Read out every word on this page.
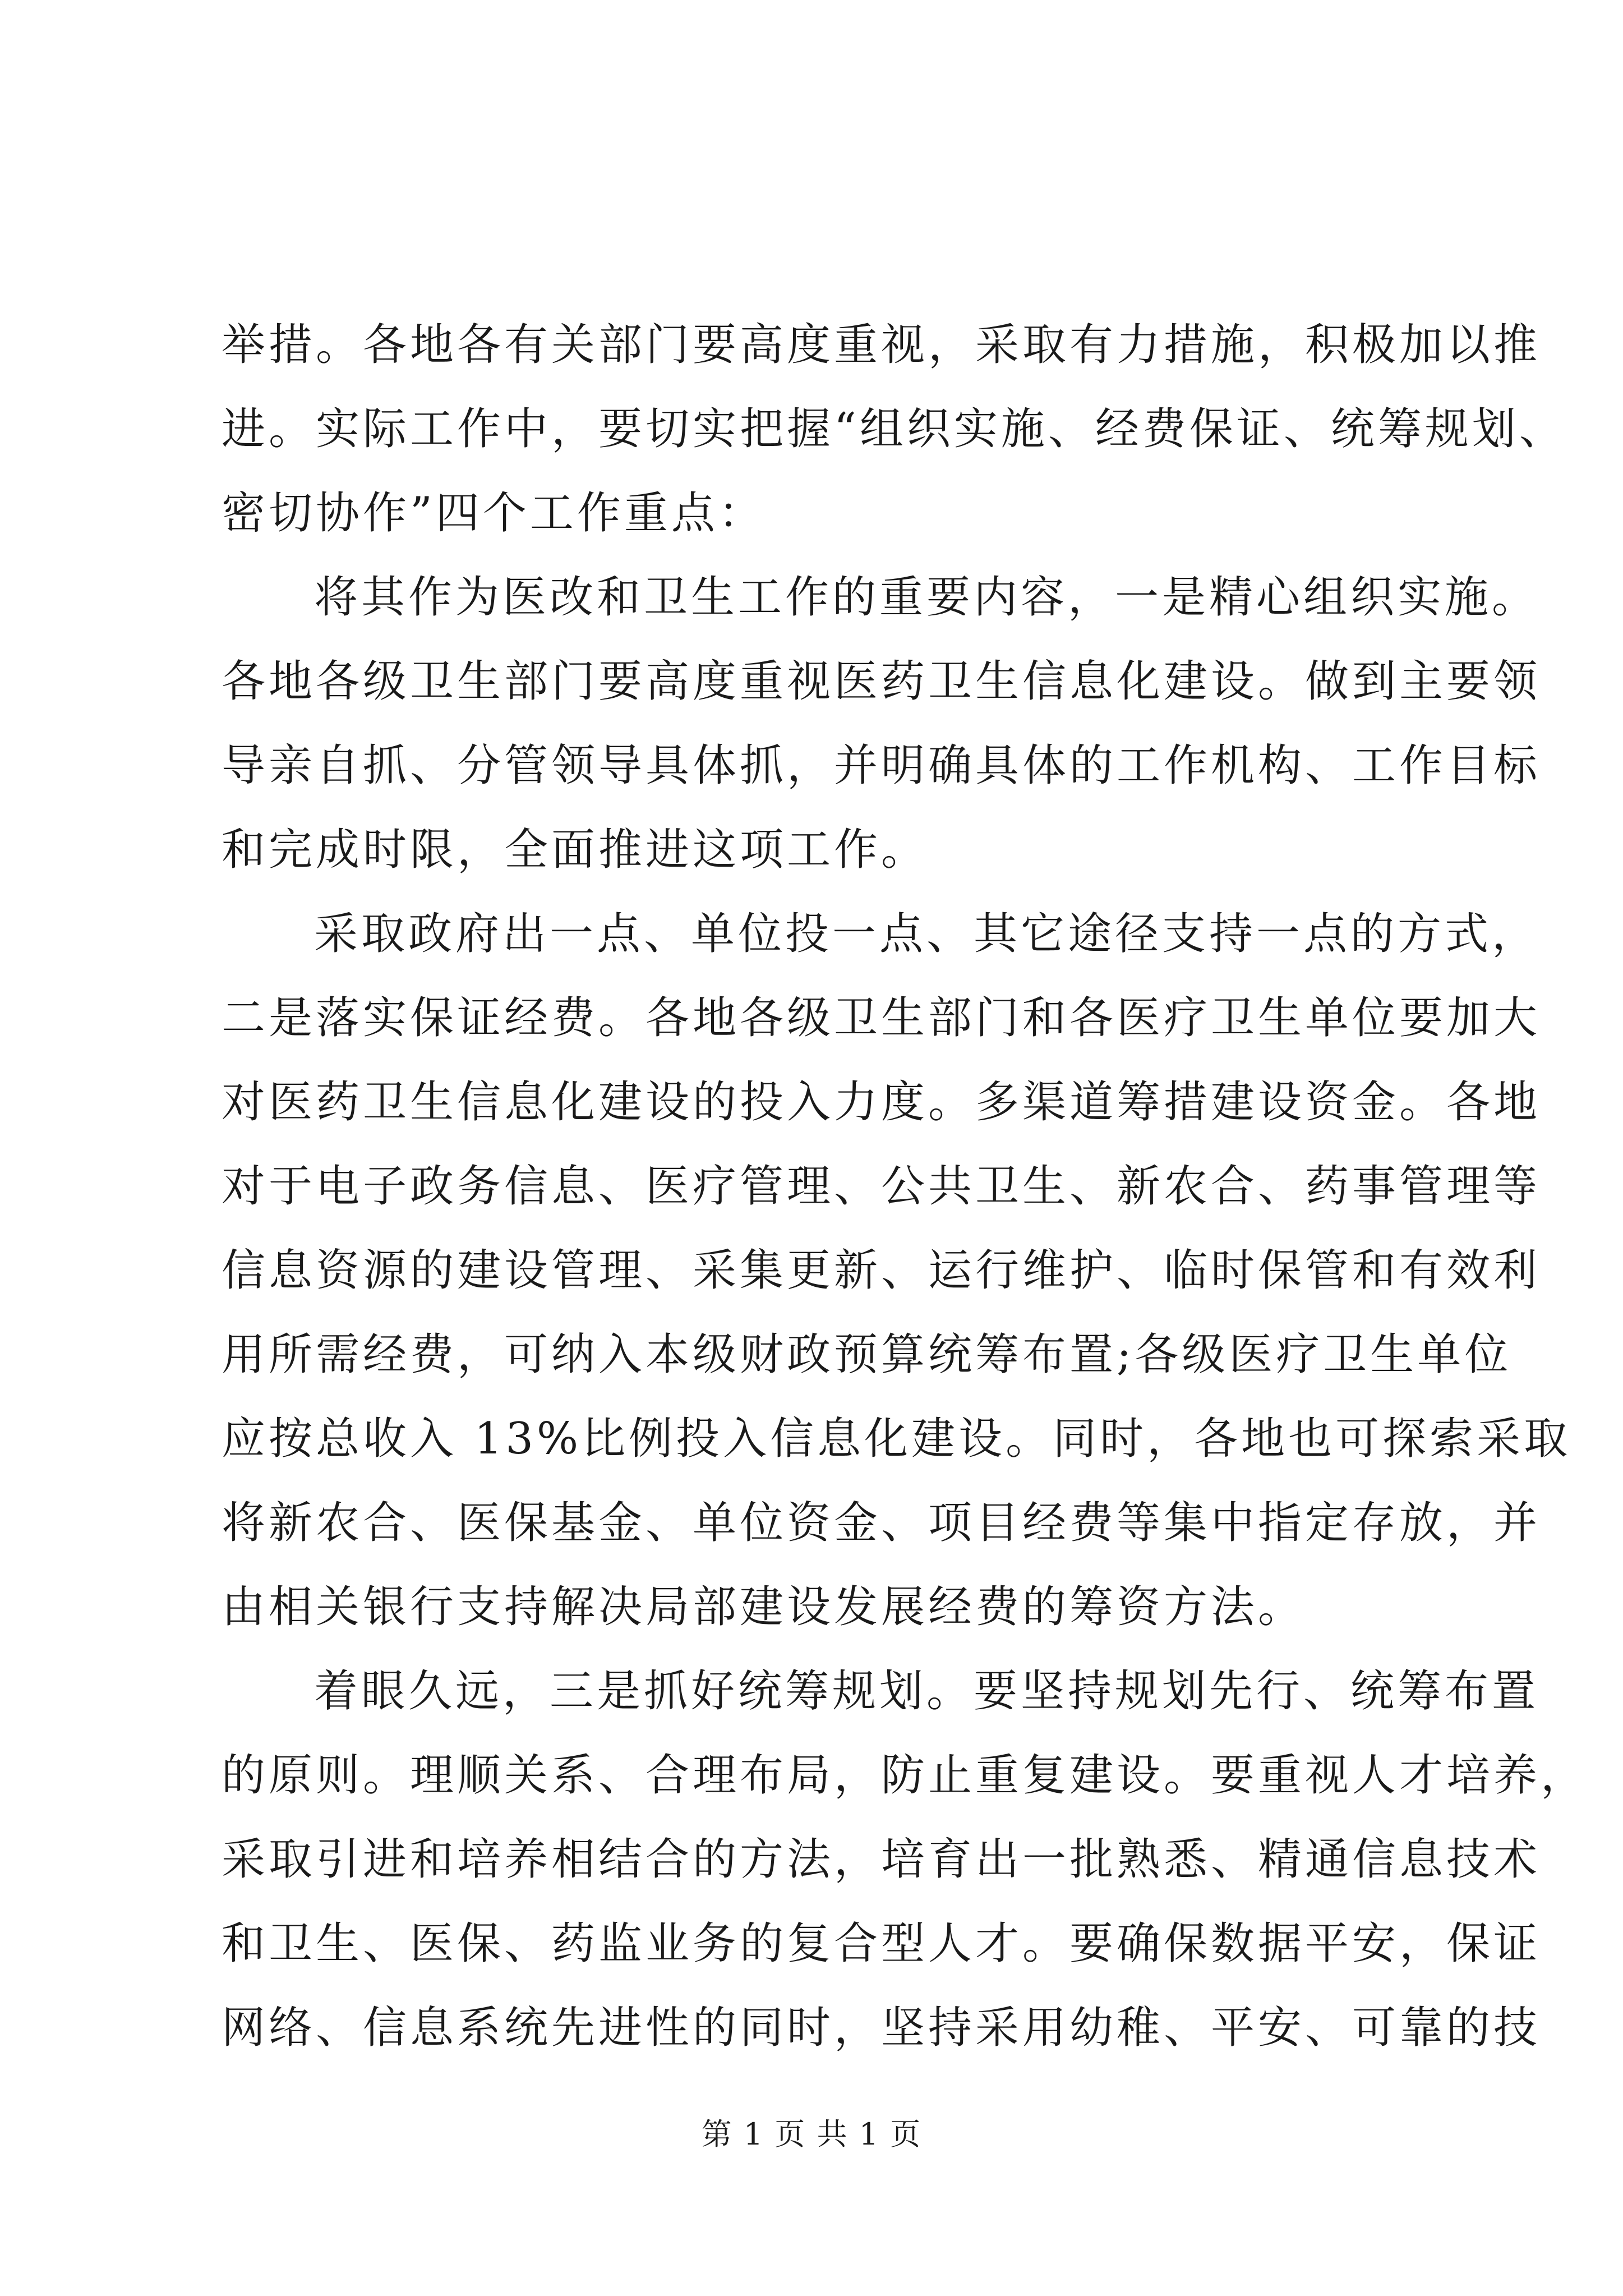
举措。各地各有关部门要高度重视，采取有力措施，积极加以推
进。实际工作中，要切实把握“组织实施、经费保证、统筹规划、
密切协作”四个工作重点：
将其作为医改和卫生工作的重要内容，一是精心组织实施。
各地各级卫生部门要高度重视医药卫生信息化建设。做到主要领
导亲自抓、分管领导具体抓，并明确具体的工作机构、工作目标
和完成时限，全面推进这项工作。
采取政府出一点、单位投一点、其它途径支持一点的方式，
二是落实保证经费。各地各级卫生部门和各医疗卫生单位要加大
对医药卫生信息化建设的投入力度。多渠道筹措建设资金。各地
对于电子政务信息、医疗管理、公共卫生、新农合、药事管理等
信息资源的建设管理、采集更新、运行维护、临时保管和有效利
用所需经费，可纳入本级财政预算统筹布置;各级医疗卫生单位
应按总收入 13%比例投入信息化建设。同时，各地也可探索采取
将新农合、医保基金、单位资金、项目经费等集中指定存放，并
由相关银行支持解决局部建设发展经费的筹资方法。
着眼久远，三是抓好统筹规划。要坚持规划先行、统筹布置
的原则。理顺关系、合理布局，防止重复建设。要重视人才培养，
采取引进和培养相结合的方法，培育出一批熟悉、精通信息技术
和卫生、医保、药监业务的复合型人才。要确保数据平安，保证
网络、信息系统先进性的同时，坚持采用幼稚、平安、可靠的技
第 1 页 共 1 页
